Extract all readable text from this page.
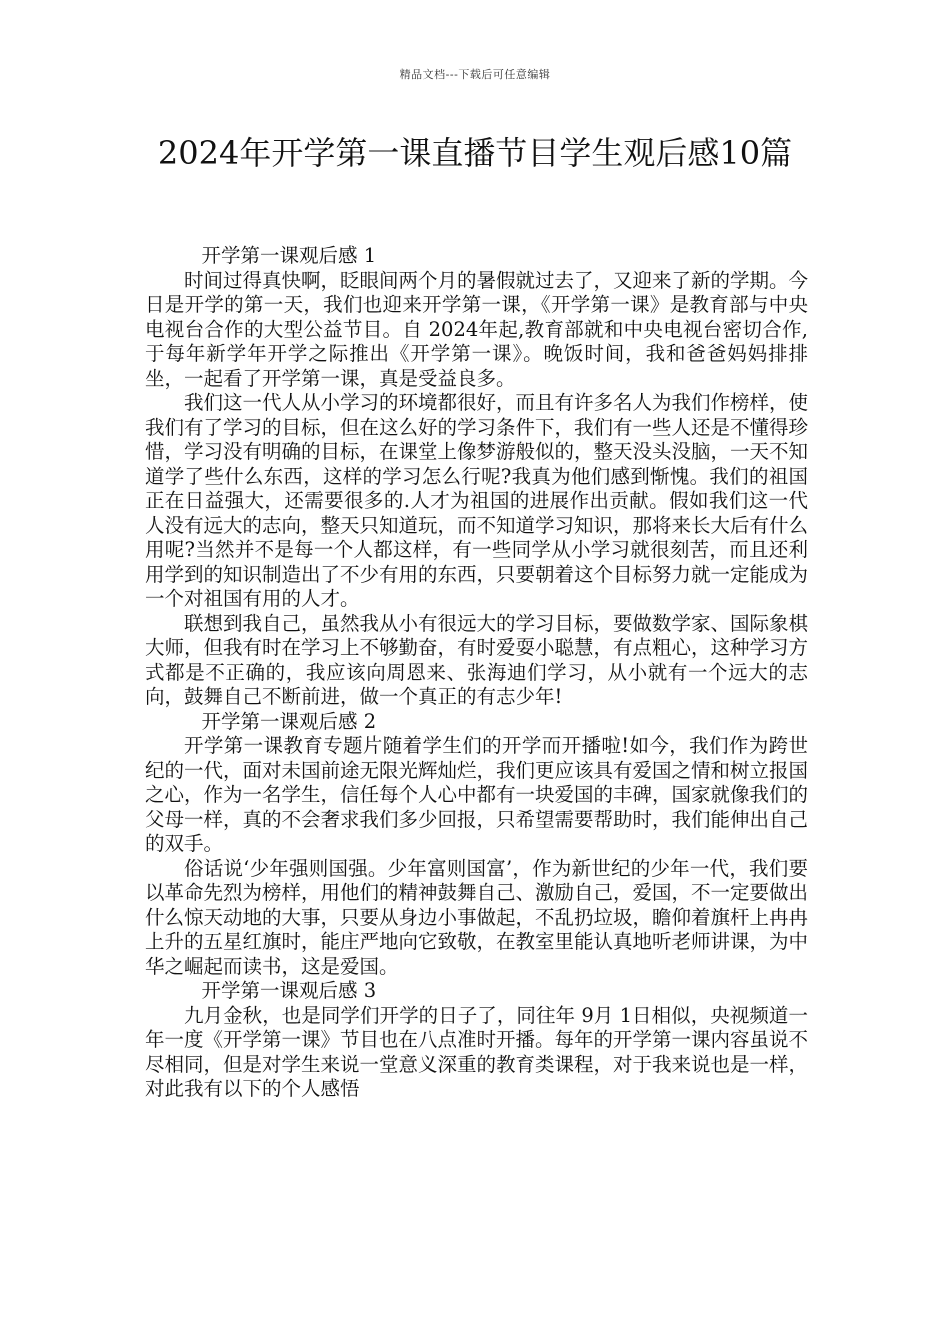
精品文档---下载后可任意编辑
2024年开学第一课直播节目学生观后感10篇

开学第一课观后感 1

时间过得真快啊，眨眼间两个月的暑假就过去了，又迎来了新的学期。今日是开学的第一天，我们也迎来开学第一课，《开学第一课》是教育部与中央电视台合作的大型公益节目。自 2024年起,教育部就和中央电视台密切合作,于每年新学年开学之际推出《开学第一课》。晚饭时间，我和爸爸妈妈排排坐，一起看了开学第一课，真是受益良多。

我们这一代人从小学习的环境都很好，而且有许多名人为我们作榜样，使我们有了学习的目标，但在这么好的学习条件下，我们有一些人还是不懂得珍惜，学习没有明确的目标，在课堂上像梦游般似的，整天没头没脑，一天不知道学了些什么东西，这样的学习怎么行呢?我真为他们感到惭愧。我们的祖国正在日益强大，还需要很多的.人才为祖国的进展作出贡献。假如我们这一代人没有远大的志向，整天只知道玩，而不知道学习知识，那将来长大后有什么用呢?当然并不是每一个人都这样，有一些同学从小学习就很刻苦，而且还利用学到的知识制造出了不少有用的东西，只要朝着这个目标努力就一定能成为一个对祖国有用的人才。

联想到我自己，虽然我从小有很远大的学习目标，要做数学家、国际象棋大师，但我有时在学习上不够勤奋，有时爱耍小聪慧，有点粗心，这种学习方式都是不正确的，我应该向周恩来、张海迪们学习，从小就有一个远大的志向，鼓舞自己不断前进，做一个真正的有志少年!

开学第一课观后感 2

开学第一课教育专题片随着学生们的开学而开播啦!如今，我们作为跨世纪的一代，面对未国前途无限光辉灿烂，我们更应该具有爱国之情和树立报国之心，作为一名学生，信任每个人心中都有一块爱国的丰碑，国家就像我们的父母一样，真的不会奢求我们多少回报，只希望需要帮助时，我们能伸出自己的双手。

俗话说‘少年强则国强。少年富则国富’，作为新世纪的少年一代，我们要以革命先烈为榜样，用他们的精神鼓舞自己、激励自己，爱国，不一定要做出什么惊天动地的大事，只要从身边小事做起，不乱扔垃圾，瞻仰着旗杆上冉冉上升的五星红旗时，能庄严地向它致敬，在教室里能认真地听老师讲课，为中华之崛起而读书，这是爱国。

开学第一课观后感 3

九月金秋，也是同学们开学的日子了，同往年 9月 1日相似，央视频道一年一度《开学第一课》节目也在八点准时开播。每年的开学第一课内容虽说不尽相同，但是对学生来说一堂意义深重的教育类课程，对于我来说也是一样，对此我有以下的个人感悟
